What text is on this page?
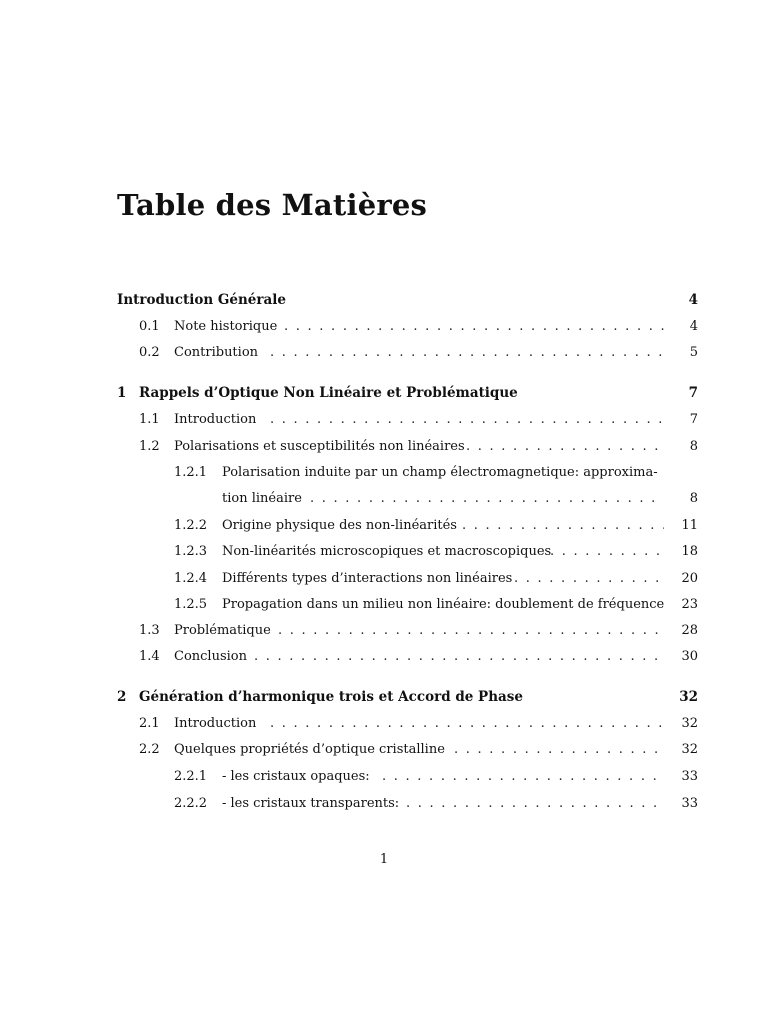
Table des Matières
Introduction Générale	4
0.1 Note historique . . .	4
0.2 Contribution . . .	5
1 Rappels d’Optique Non Linéaire et Problématique	7
1.1 Introduction . . .	7
1.2 Polarisations et susceptibilités non linéaires . . .	8
1.2.1 Polarisation induite par un champ électromagnetique: approxima-
tion linéaire . . .	8
1.2.2 Origine physique des non-linéarités . . .	11
1.2.3 Non-linéarités microscopiques et macroscopiques . . .	18
1.2.4 Différents types d’interactions non linéaires . . .	20
1.2.5 Propagation dans un milieu non linéaire: doublement de fréquence 23
1.3 Problématique . . .	28
1.4 Conclusion . . .	30
2 Génération d’harmonique trois et Accord de Phase	32
2.1 Introduction . . .	32
2.2 Quelques propriétés d’optique cristalline . . .	32
2.2.1 - les cristaux opaques: . . .	33
2.2.2 - les cristaux transparents: . . .	33
1
